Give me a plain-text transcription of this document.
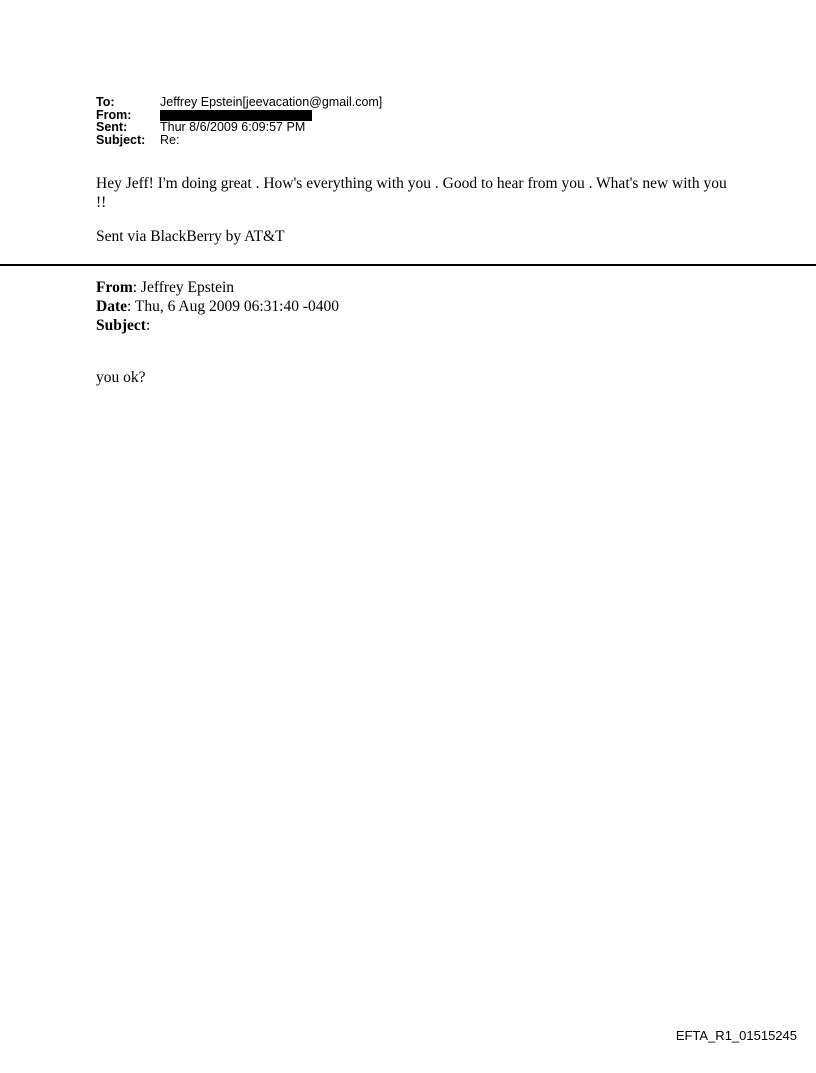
To:	Jeffrey Epstein[jeevacation@gmail.com]
From:
Sent:	Thur 8/6/2009 6:09:57 PM
Subject:	Re:
Hey Jeff! I'm doing great . How's everything with you . Good to hear from you . What's new with you !!
Sent via BlackBerry by AT&T
From: Jeffrey Epstein
Date: Thu, 6 Aug 2009 06:31:40 -0400
Subject:
you ok?
EFTA_R1_01515245
